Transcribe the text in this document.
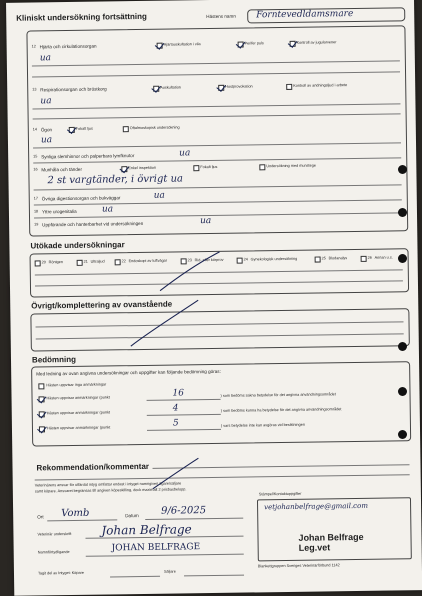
Kliniskt undersökning fortsättning	Hästens namn Forntevedldamsmare
12 Hjärta och cirkulationsorgan	Hjärtauskultation i vila	Perifer puls	Kontroll av jugularvener
ua
13 Respirationsorgan och bröstkorg	Auskultation	Hostprovokation	Kontroll av andningsljud i arbete
ua
14 Ögon	Fokalt ljus	Oftalmoskopisk undersökning
ua
15 Synliga slemhinnor och palperbara lymfknutor	ua
16 Munhåla och tänder	Enkel inspektion	Fokalt ljus	Undersökning med munstege
2 st vargtänder, i övrigt ua
17 Övriga digestionsorgan och bukväggar	ua
18 Yttre urogenitalia	ua
19 Uppförande och hanterbarhet vid undersökningen	ua
Utökade undersökningar
20 Röntgen	21 Ultraljud	22 Endoskopi av luftvägar	23 Rid- eller körprov	24 Gynekologisk undersökning	25 Blodanalys	26 Annan u.s.
Övrigt/komplettering av ovanstående
Bedömning
Med ledning av ovan angivna undersökningar och uppgifter kan följande bedömning göras:
Hästen uppvisar inga anmärkningar
Hästen uppvisar anmärkningar (punkt	16	) som bedöms sakna betydelse för det angivna användningsområdet
Hästen uppvisar anmärkningar (punkt	4	) som bedöms kunna ha betydelse för det angivna användningsområdet
Hästen uppvisar anmärkningar (punkt	5	) vars betydelse inte kan avgöras vid besiktningen
Rekommendation/kommentar
Veterinärens ansvar för utfärdat intyg omfattar endast i intyget namngiven ägare/säljare
samt köpare. Ansvaret begränsas till angiven köpeskilling, dock maximalt 2 prisbasbelopp.
Stämpel/Kontaktuppgifter
vetjohanbelfrage@gmail.com
Johan Belfrage
Leg.vet
Ort Vomb	Datum 9/6-2025
Veterinär underskrift Johan Belfrage
Namnförtydligande	JOHAN BELFRAGE
Tagit del av Intyget: Köpare	Säljare
Blankettgruppen Sveriges Veterinärförbund 1142
